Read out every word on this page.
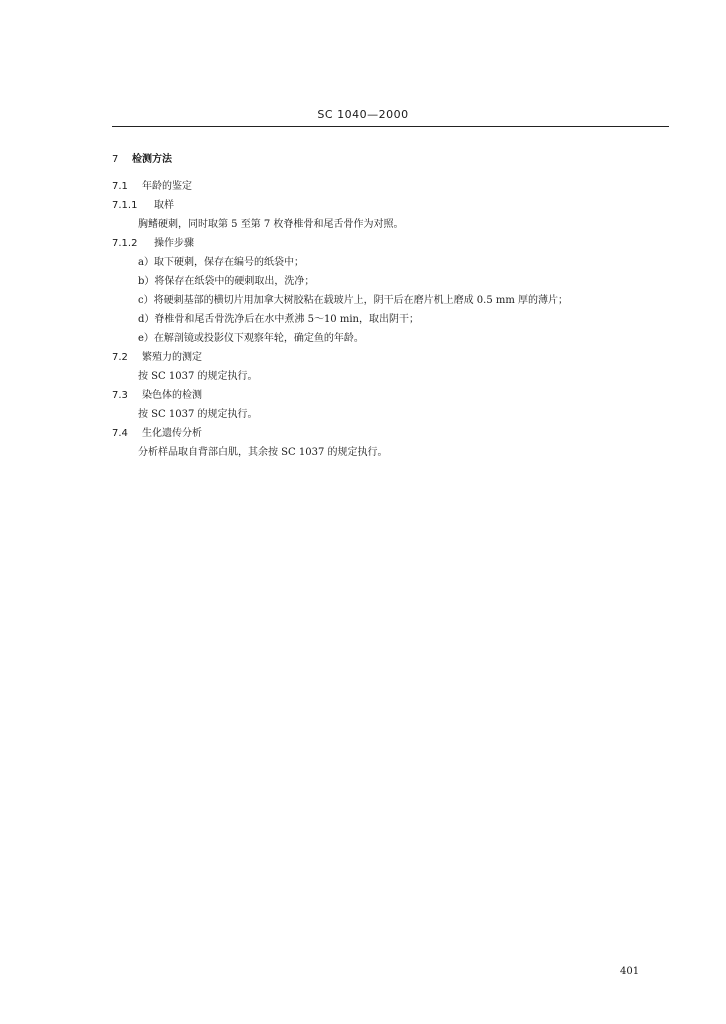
SC 1040—2000
7 检测方法
7.1 年龄的鉴定
7.1.1 取样
胸鳍硬刺，同时取第 5 至第 7 枚脊椎骨和尾舌骨作为对照。
7.1.2 操作步骤
a）取下硬刺，保存在编号的纸袋中；
b）将保存在纸袋中的硬刺取出，洗净；
c）将硬刺基部的横切片用加拿大树胶粘在载玻片上，阴干后在磨片机上磨成 0.5 mm 厚的薄片；
d）脊椎骨和尾舌骨洗净后在水中煮沸 5～10 min，取出阴干；
e）在解剖镜或投影仪下观察年轮，确定鱼的年龄。
7.2 繁殖力的测定
按 SC 1037 的规定执行。
7.3 染色体的检测
按 SC 1037 的规定执行。
7.4 生化遗传分析
分析样品取自背部白肌，其余按 SC 1037 的规定执行。
401
